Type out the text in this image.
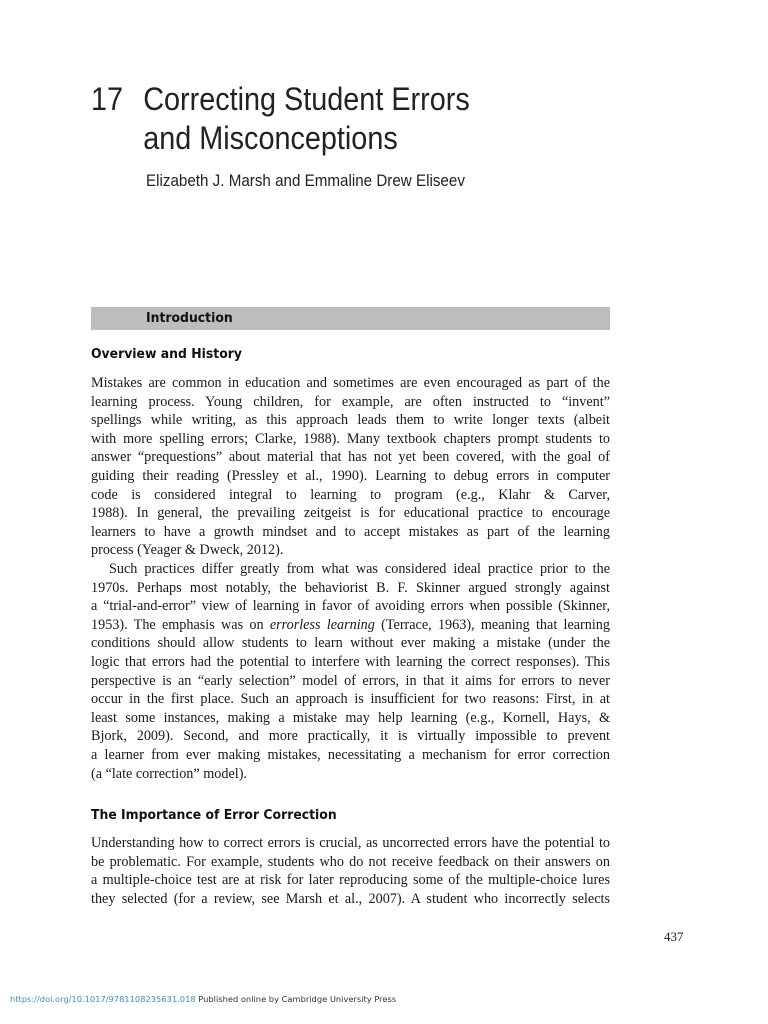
17 Correcting Student Errors
and Misconceptions
Elizabeth J. Marsh and Emmaline Drew Eliseev
Introduction
Overview and History
Mistakes are common in education and sometimes are even encouraged as part of the
learning process. Young children, for example, are often instructed to “invent”
spellings while writing, as this approach leads them to write longer texts (albeit
with more spelling errors; Clarke, 1988). Many textbook chapters prompt students to
answer “prequestions” about material that has not yet been covered, with the goal of
guiding their reading (Pressley et al., 1990). Learning to debug errors in computer
code is considered integral to learning to program (e.g., Klahr & Carver,
1988). In general, the prevailing zeitgeist is for educational practice to encourage
learners to have a growth mindset and to accept mistakes as part of the learning
process (Yeager & Dweck, 2012).
Such practices differ greatly from what was considered ideal practice prior to the
1970s. Perhaps most notably, the behaviorist B. F. Skinner argued strongly against
a “trial-and-error” view of learning in favor of avoiding errors when possible (Skinner,
1953). The emphasis was on errorless learning (Terrace, 1963), meaning that learning
conditions should allow students to learn without ever making a mistake (under the
logic that errors had the potential to interfere with learning the correct responses). This
perspective is an “early selection” model of errors, in that it aims for errors to never
occur in the first place. Such an approach is insufficient for two reasons: First, in at
least some instances, making a mistake may help learning (e.g., Kornell, Hays, &
Bjork, 2009). Second, and more practically, it is virtually impossible to prevent
a learner from ever making mistakes, necessitating a mechanism for error correction
(a “late correction” model).
The Importance of Error Correction
Understanding how to correct errors is crucial, as uncorrected errors have the potential to
be problematic. For example, students who do not receive feedback on their answers on
a multiple-choice test are at risk for later reproducing some of the multiple-choice lures
they selected (for a review, see Marsh et al., 2007). A student who incorrectly selects
437
https://doi.org/10.1017/9781108235631.018 Published online by Cambridge University Press
